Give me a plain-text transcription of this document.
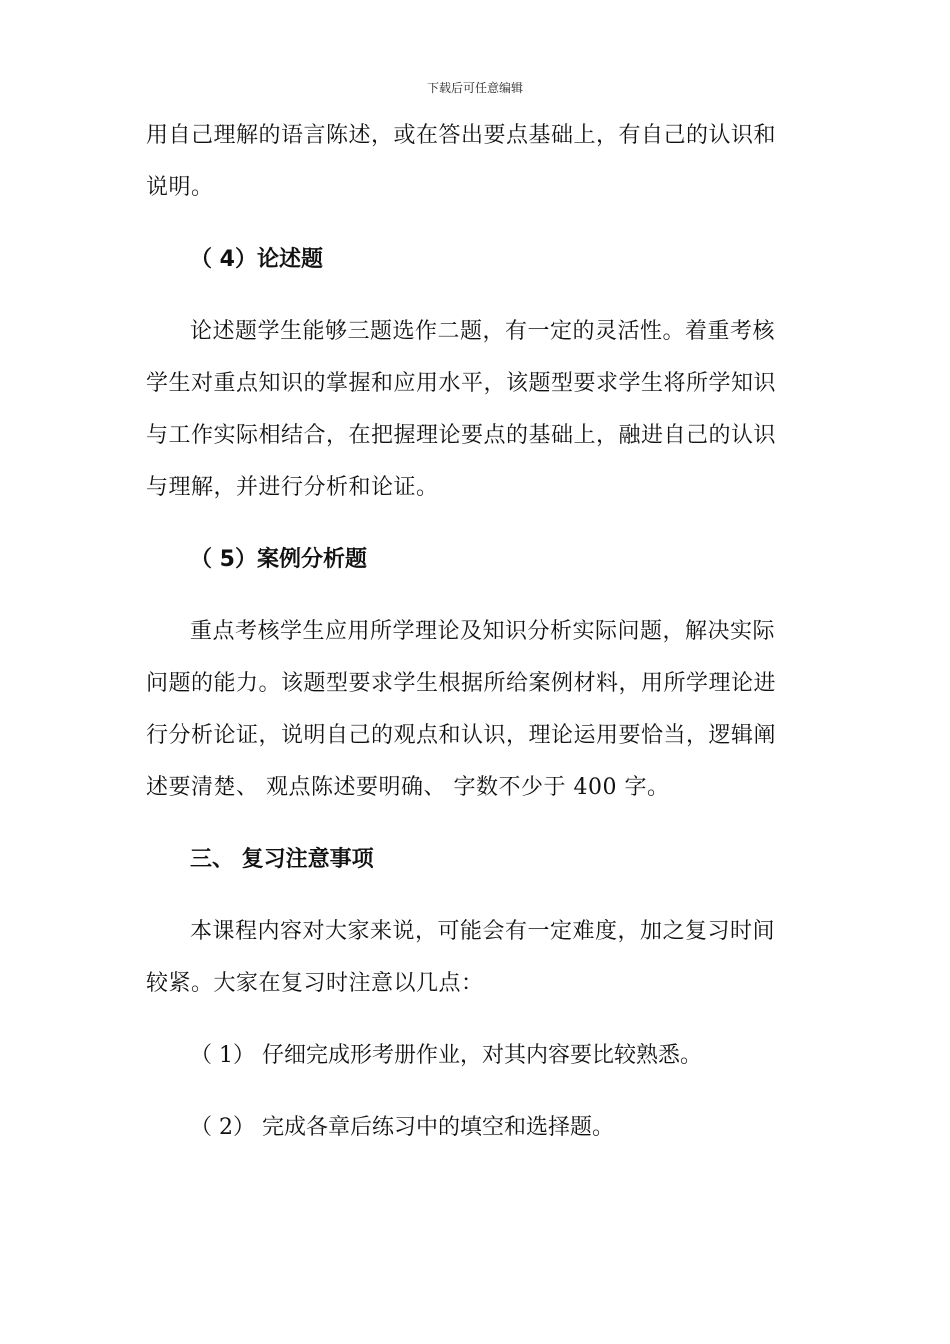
下载后可任意编辑
用自己理解的语言陈述，或在答出要点基础上，有自己的认识和
说明。
（ 4）论述题
论述题学生能够三题选作二题，有一定的灵活性。着重考核
学生对重点知识的掌握和应用水平，该题型要求学生将所学知识
与工作实际相结合，在把握理论要点的基础上，融进自己的认识
与理解，并进行分析和论证。
（ 5）案例分析题
重点考核学生应用所学理论及知识分析实际问题，解决实际
问题的能力。该题型要求学生根据所给案例材料，用所学理论进
行分析论证，说明自己的观点和认识，理论运用要恰当，逻辑阐
述要清楚、 观点陈述要明确、 字数不少于 400 字。
三、 复习注意事项
本课程内容对大家来说，可能会有一定难度，加之复习时间
较紧。大家在复习时注意以几点：
（ 1） 仔细完成形考册作业，对其内容要比较熟悉。
（ 2） 完成各章后练习中的填空和选择题。
